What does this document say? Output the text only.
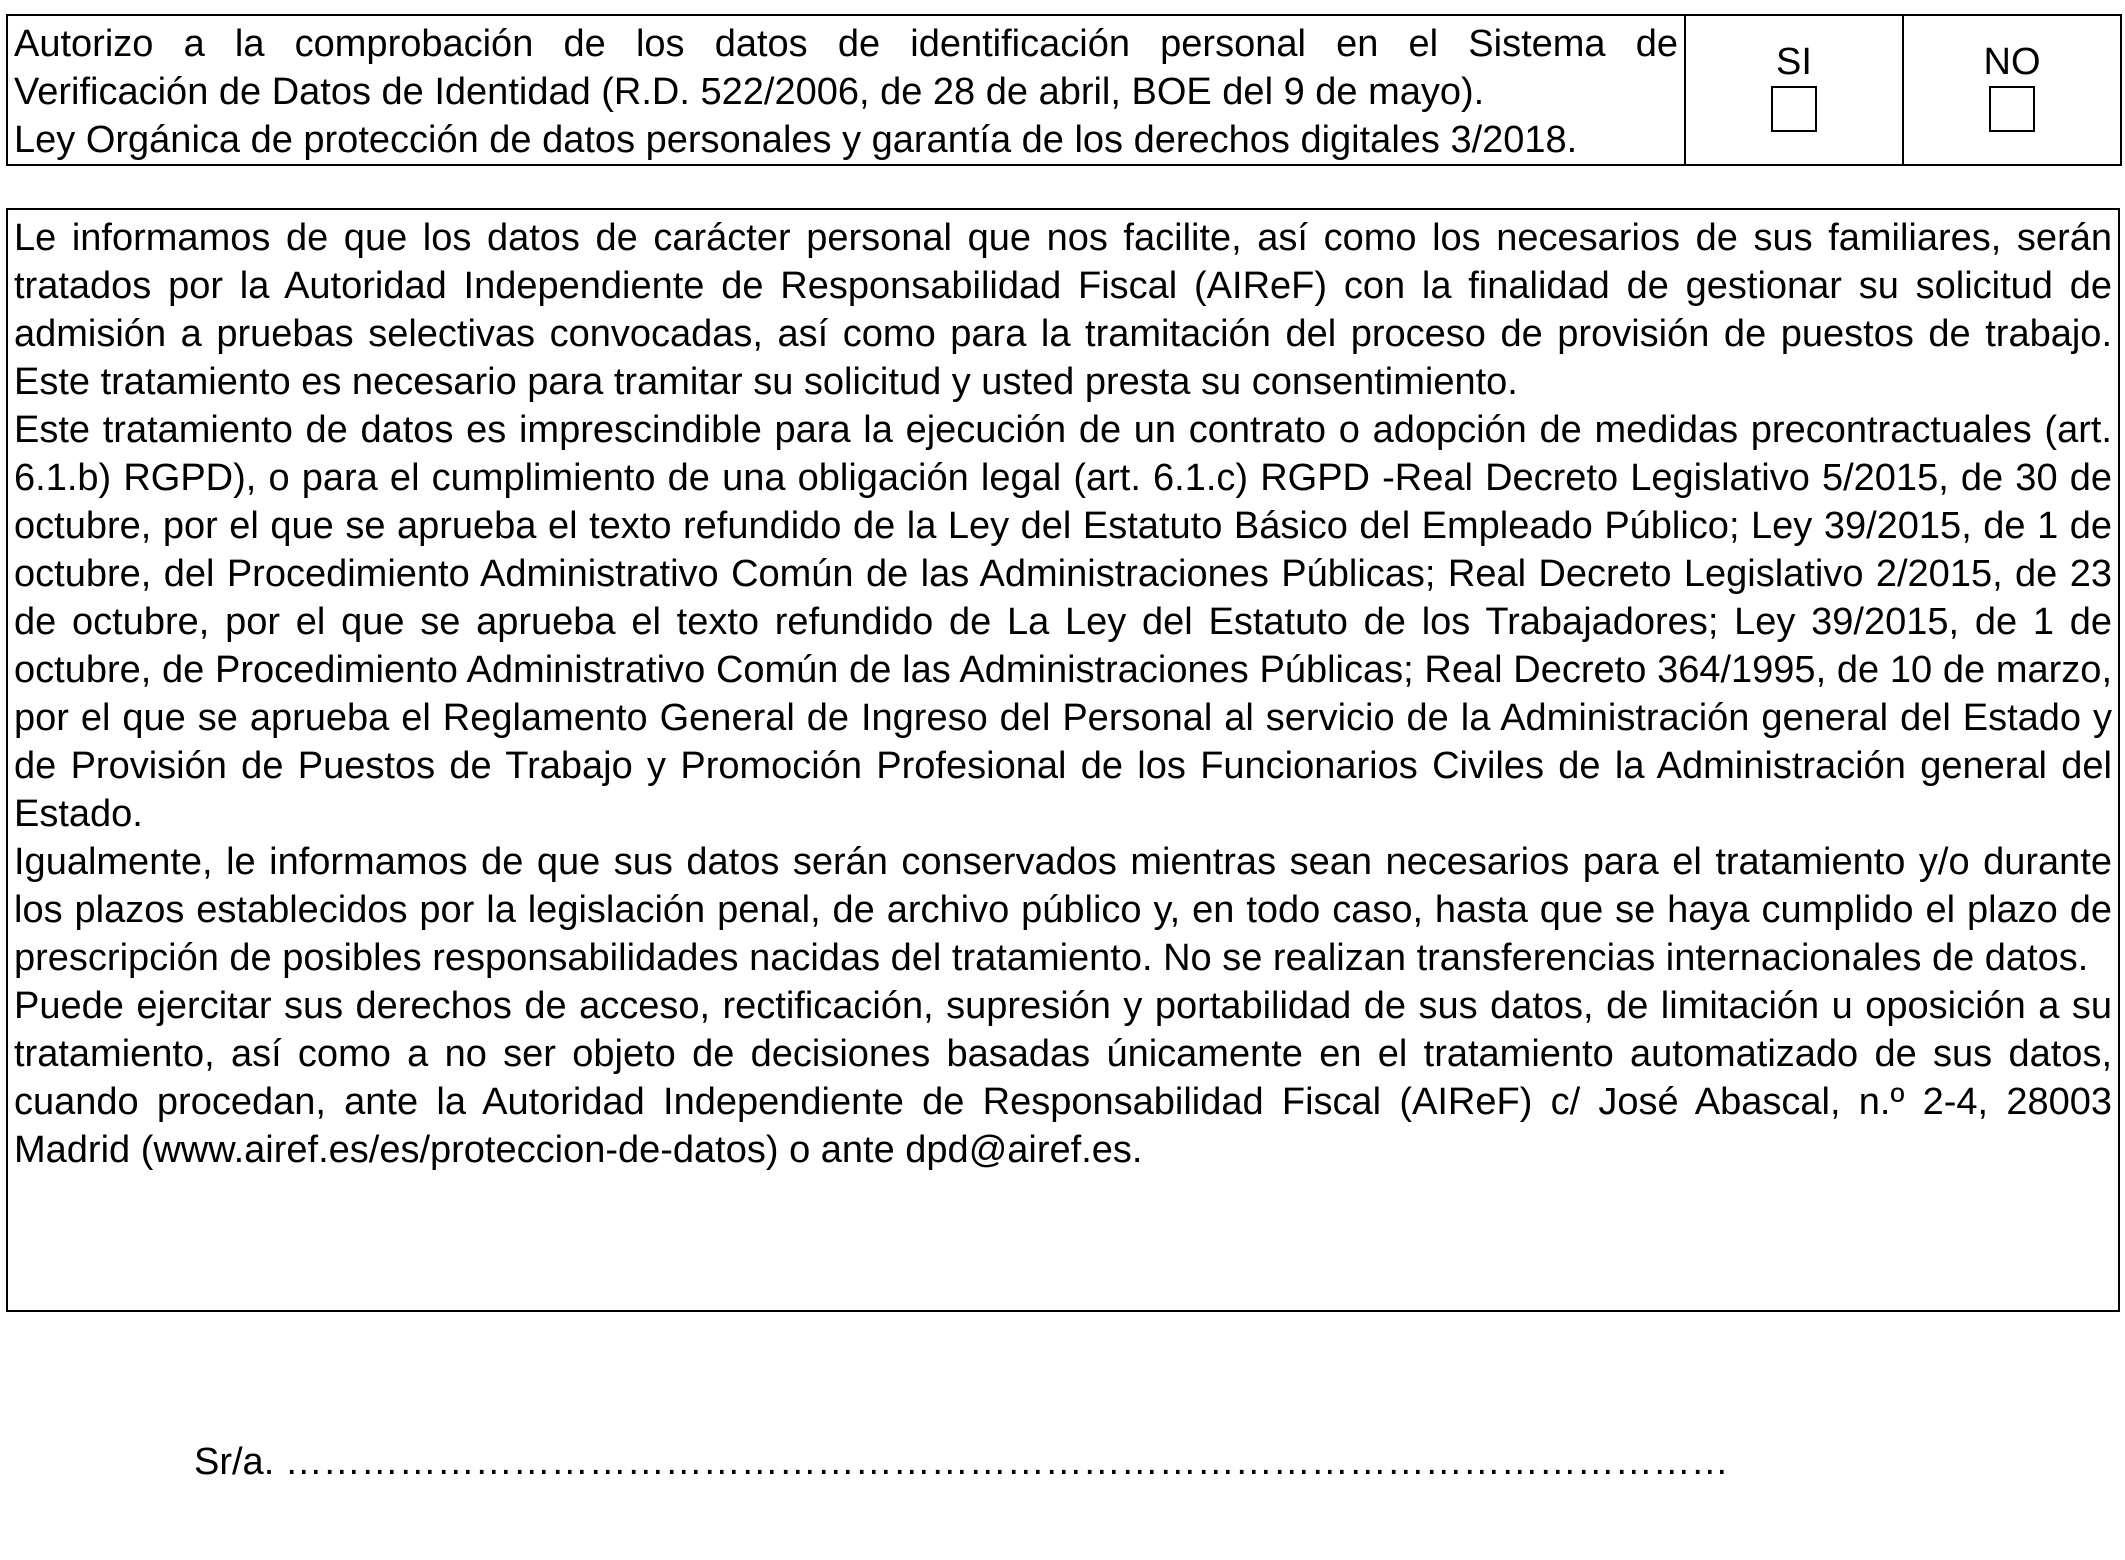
Autorizo a la comprobación de los datos de identificación personal en el Sistema de
Verificación de Datos de Identidad (R.D. 522/2006, de 28 de abril, BOE del 9 de mayo).
Ley Orgánica de protección de datos personales y garantía de los derechos digitales 3/2018.

SI	NO

Le informamos de que los datos de carácter personal que nos facilite, así como los necesarios de sus familiares, serán tratados por la Autoridad Independiente de Responsabilidad Fiscal (AIReF) con la finalidad de gestionar su solicitud de admisión a pruebas selectivas convocadas, así como para la tramitación del proceso de provisión de puestos de trabajo. Este tratamiento es necesario para tramitar su solicitud y usted presta su consentimiento.

Este tratamiento de datos es imprescindible para la ejecución de un contrato o adopción de medidas precontractuales (art. 6.1.b) RGPD), o para el cumplimiento de una obligación legal (art. 6.1.c) RGPD -Real Decreto Legislativo 5/2015, de 30 de octubre, por el que se aprueba el texto refundido de la Ley del Estatuto Básico del Empleado Público; Ley 39/2015, de 1 de octubre, del Procedimiento Administrativo Común de las Administraciones Públicas; Real Decreto Legislativo 2/2015, de 23 de octubre, por el que se aprueba el texto refundido de La Ley del Estatuto de los Trabajadores; Ley 39/2015, de 1 de octubre, de Procedimiento Administrativo Común de las Administraciones Públicas; Real Decreto 364/1995, de 10 de marzo, por el que se aprueba el Reglamento General de Ingreso del Personal al servicio de la Administración general del Estado y de Provisión de Puestos de Trabajo y Promoción Profesional de los Funcionarios Civiles de la Administración general del Estado.

Igualmente, le informamos de que sus datos serán conservados mientras sean necesarios para el tratamiento y/o durante los plazos establecidos por la legislación penal, de archivo público y, en todo caso, hasta que se haya cumplido el plazo de prescripción de posibles responsabilidades nacidas del tratamiento. No se realizan transferencias internacionales de datos.

Puede ejercitar sus derechos de acceso, rectificación, supresión y portabilidad de sus datos, de limitación u oposición a su tratamiento, así como a no ser objeto de decisiones basadas únicamente en el tratamiento automatizado de sus datos, cuando procedan, ante la Autoridad Independiente de Responsabilidad Fiscal (AIReF) c/ José Abascal, n.º 2-4, 28003 Madrid (www.airef.es/es/proteccion-de-datos) o ante dpd@airef.es.

Sr/a. ……………………………………………………………………………………………………
